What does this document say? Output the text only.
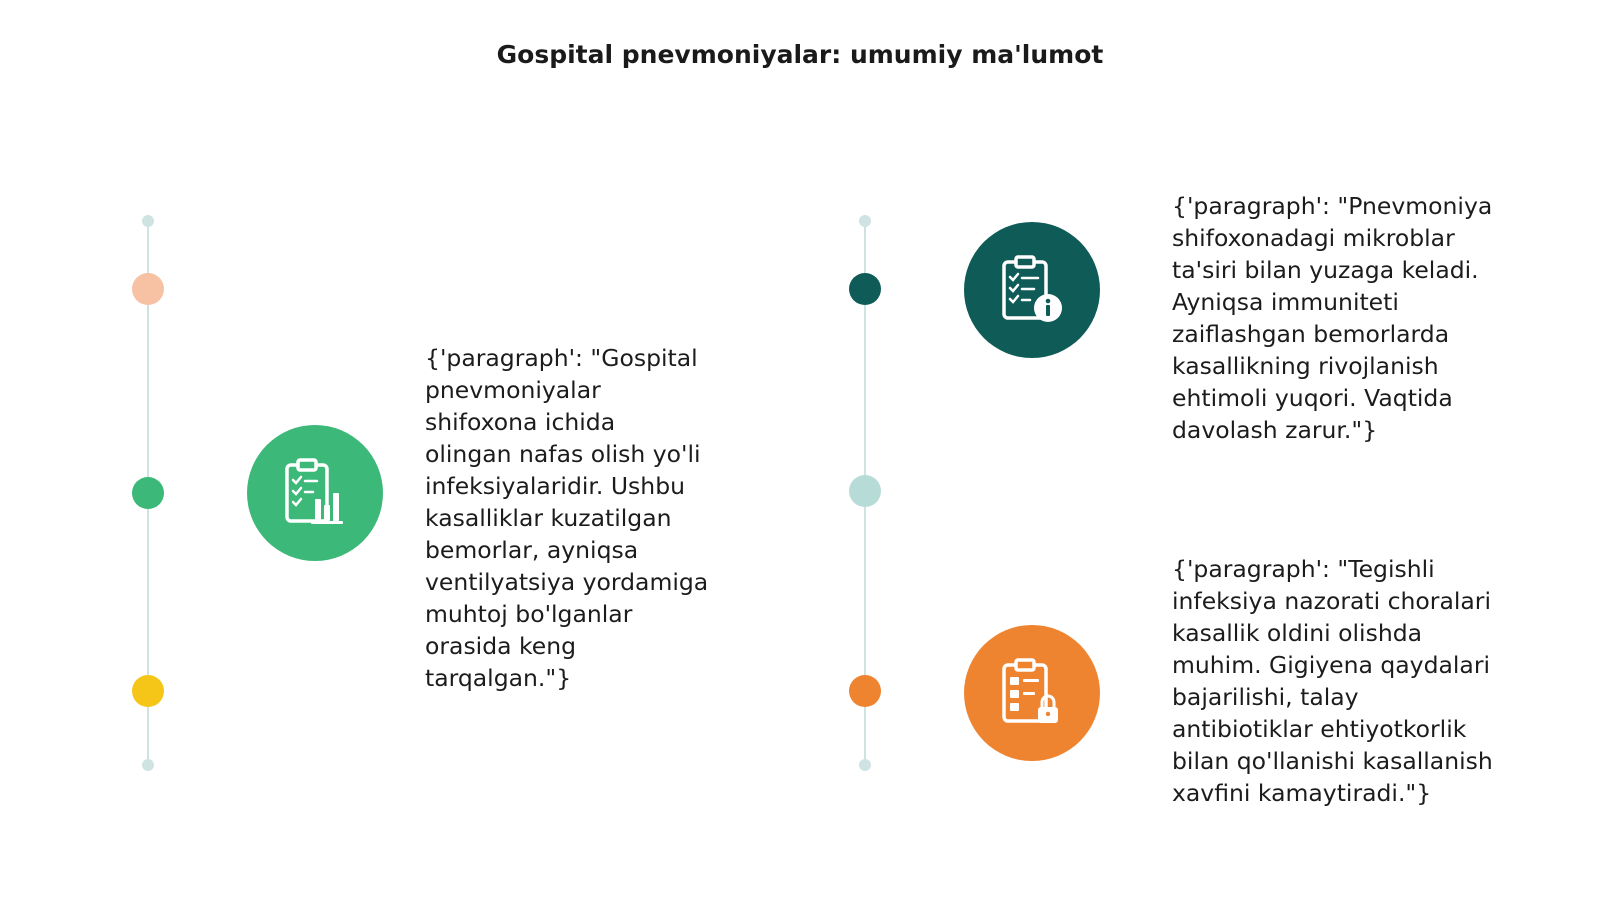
Gospital pnevmoniyalar: umumiy ma'lumot
{'paragraph': "Gospital
pnevmoniyalar
shifoxona ichida
olingan nafas olish yo'li
infeksiyalaridir. Ushbu
kasalliklar kuzatilgan
bemorlar, ayniqsa
ventilyatsiya yordamiga
muhtoj bo'lganlar
orasida keng
tarqalgan."}
{'paragraph': "Pnevmoniya
shifoxonadagi mikroblar
ta'siri bilan yuzaga keladi.
Ayniqsa immuniteti
zaiflashgan bemorlarda
kasallikning rivojlanish
ehtimoli yuqori. Vaqtida
davolash zarur."}
{'paragraph': "Tegishli
infeksiya nazorati choralari
kasallik oldini olishda
muhim. Gigiyena qaydalari
bajarilishi, talay
antibiotiklar ehtiyotkorlik
bilan qo'llanishi kasallanish
xavfini kamaytiradi."}
